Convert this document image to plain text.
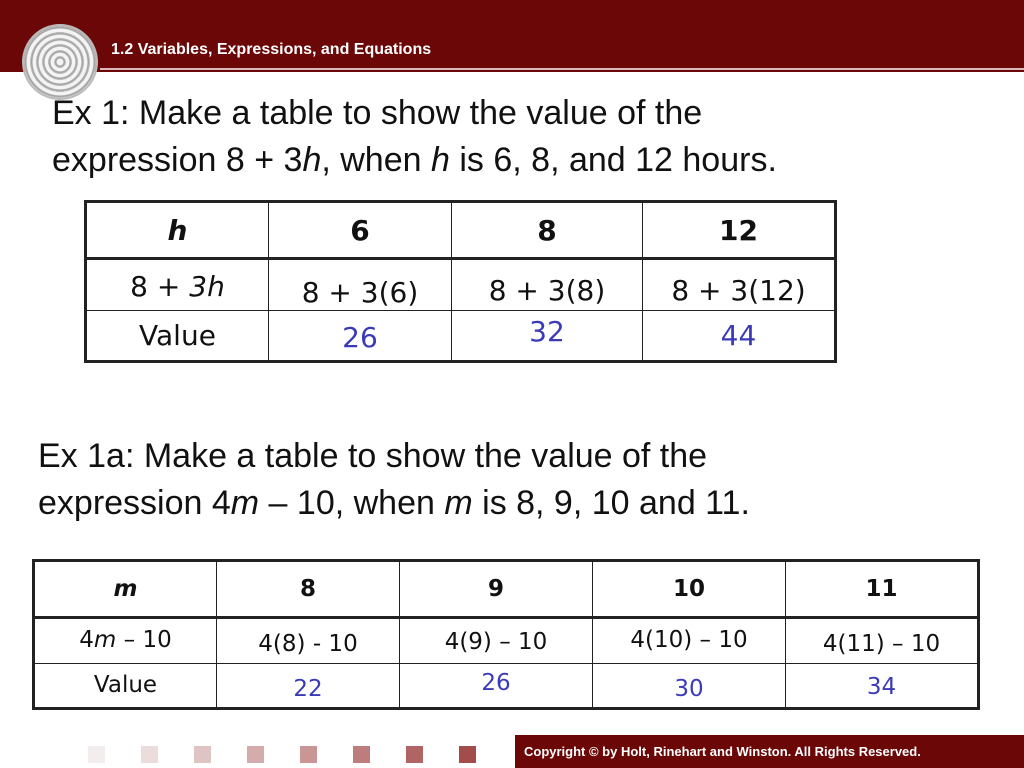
1.2 Variables, Expressions, and Equations
Ex 1: Make a table to show the value of the
expression 8 + 3h, when h is 6, 8, and 12 hours.
h	6	8	12

8 + 3h	8 + 3(6)	8 + 3(8)	8 + 3(12)

Value	26	32	44
Ex 1a: Make a table to show the value of the
expression 4m – 10, when m is 8, 9, 10 and 11.
m	8	9	10	11

4m – 10	4(8) - 10	4(9) – 10	4(10) – 10	4(11) – 10

Value	22	26	30	34
Copyright © by Holt, Rinehart and Winston. All Rights Reserved.
